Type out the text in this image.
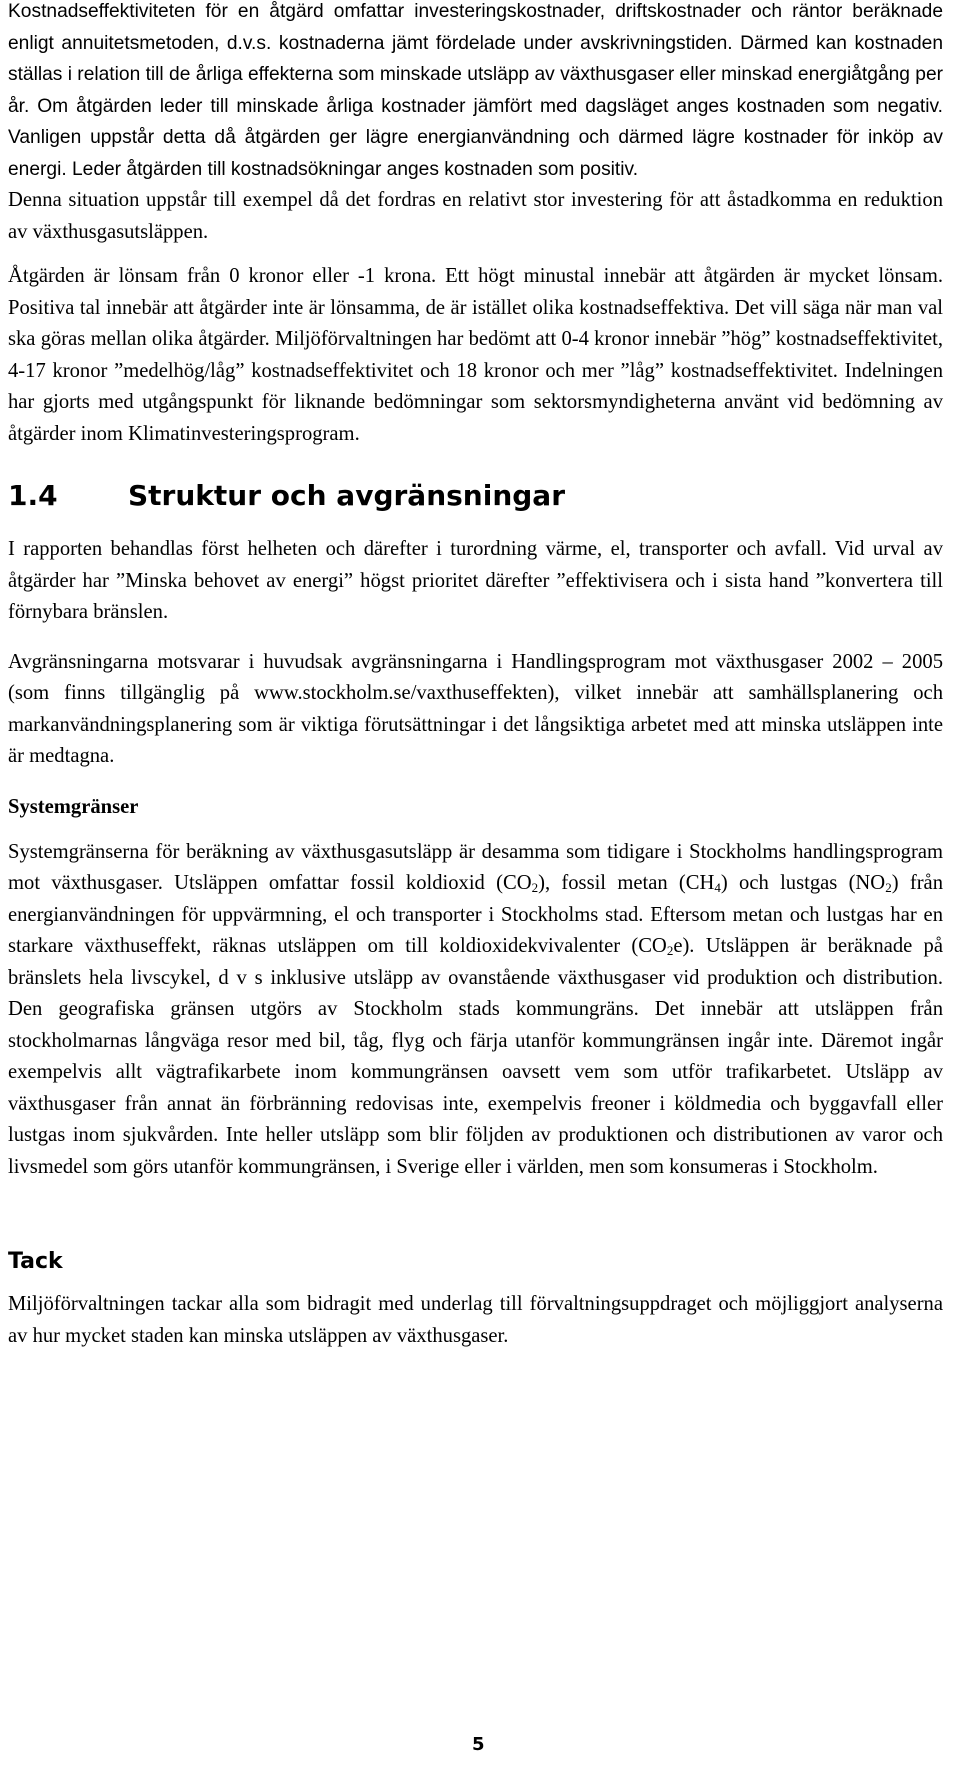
Kostnadseffektiviteten för en åtgärd omfattar investeringskostnader, driftskostnader och räntor beräknade enligt annuitetsmetoden, d.v.s. kostnaderna jämt fördelade under avskrivningstiden. Därmed kan kostnaden ställas i relation till de årliga effekterna som minskade utsläpp av växthusgaser eller minskad energiåtgång per år. Om åtgärden leder till minskade årliga kostnader jämfört med dagsläget anges kostnaden som negativ. Vanligen uppstår detta då åtgärden ger lägre energianvändning och därmed lägre kostnader för inköp av energi. Leder åtgärden till kostnadsökningar anges kostnaden som positiv.

Denna situation uppstår till exempel då det fordras en relativt stor investering för att åstadkomma en reduktion av växthusgasutsläppen.

Åtgärden är lönsam från 0 kronor eller -1 krona. Ett högt minustal innebär att åtgärden är mycket lönsam. Positiva tal innebär att åtgärder inte är lönsamma, de är istället olika kostnadseffektiva. Det vill säga när man val ska göras mellan olika åtgärder. Miljöförvaltningen har bedömt att 0-4 kronor innebär ”hög” kostnadseffektivitet, 4-17 kronor ”medelhög/låg” kostnadseffektivitet och 18 kronor och mer ”låg” kostnadseffektivitet. Indelningen har gjorts med utgångspunkt för liknande bedömningar som sektorsmyndigheterna använt vid bedömning av åtgärder inom Klimatinvesteringsprogram.

1.4	Struktur och avgränsningar

I rapporten behandlas först helheten och därefter i turordning värme, el, transporter och avfall. Vid urval av åtgärder har ”Minska behovet av energi” högst prioritet därefter ”effektivisera och i sista hand ”konvertera till förnybara bränslen.

Avgränsningarna motsvarar i huvudsak avgränsningarna i Handlingsprogram mot växthusgaser 2002 – 2005 (som finns tillgänglig på www.stockholm.se/vaxthuseffekten), vilket innebär att samhällsplanering och markanvändningsplanering som är viktiga förutsättningar i det långsiktiga arbetet med att minska utsläppen inte är medtagna.

Systemgränser

Systemgränserna för beräkning av växthusgasutsläpp är desamma som tidigare i Stockholms handlingsprogram mot växthusgaser. Utsläppen omfattar fossil koldioxid $(CO_2)$, fossil metan $(CH_4)$ och lustgas $(NO_2)$ från energianvändningen för uppvärmning, el och transporter i Stockholms stad. Eftersom metan och lustgas har en starkare växthuseffekt, räknas utsläppen om till koldioxidekvivalenter $(CO_2e)$. Utsläppen är beräknade på bränslets hela livscykel, d v s inklusive utsläpp av ovanstående växthusgaser vid produktion och distribution. Den geografiska gränsen utgörs av Stockholm stads kommungräns. Det innebär att utsläppen från stockholmarnas långväga resor med bil, tåg, flyg och färja utanför kommungränsen ingår inte. Däremot ingår exempelvis allt vägtrafikarbete inom kommungränsen oavsett vem som utför trafikarbetet. Utsläpp av växthusgaser från annat än förbränning redovisas inte, exempelvis freoner i köldmedia och byggavfall eller lustgas inom sjukvården. Inte heller utsläpp som blir följden av produktionen och distributionen av varor och livsmedel som görs utanför kommungränsen, i Sverige eller i världen, men som konsumeras i Stockholm.

Tack

Miljöförvaltningen tackar alla som bidragit med underlag till förvaltningsuppdraget och möjliggjort analyserna av hur mycket staden kan minska utsläppen av växthusgaser.

5
